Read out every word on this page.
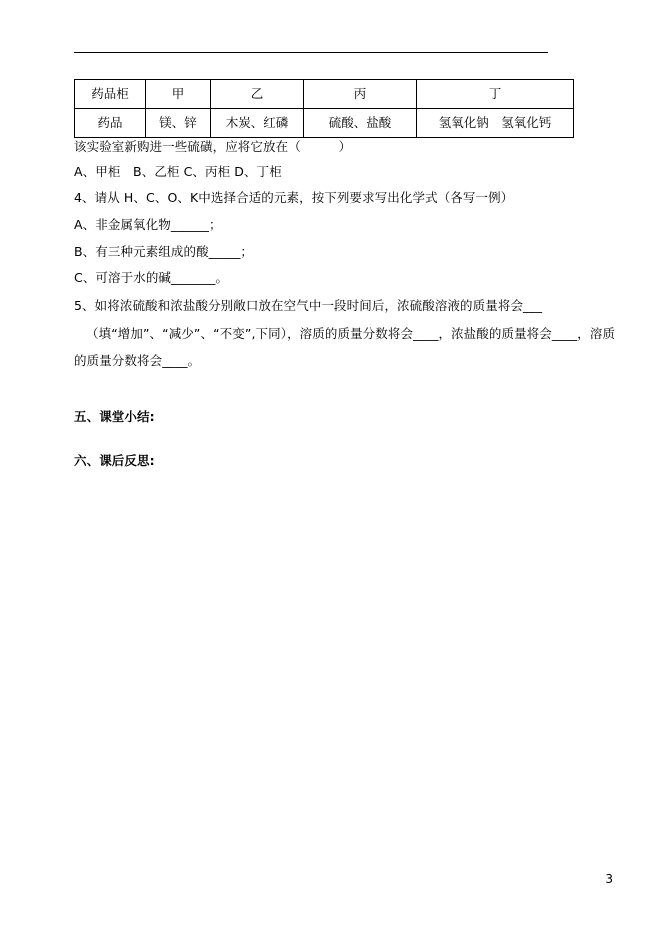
药品柜	甲	乙	丙	丁
药品	镁、锌	木炭、红磷	硫酸、盐酸	氢氧化钠　氢氧化钙
该实验室新购进一些硫磺，应将它放在（　　　）
A、甲柜　B、乙柜 C、丙柜 D、丁柜
4、请从 H、C、O、K中选择合适的元素，按下列要求写出化学式（各写一例）
A、非金属氧化物______；
B、有三种元素组成的酸_____；
C、可溶于水的碱_______。
5、如将浓硫酸和浓盐酸分别敞口放在空气中一段时间后，浓硫酸溶液的质量将会___
（填“增加”、“减少”、“不变”,下同），溶质的质量分数将会____，浓盐酸的质量将会____，溶质
的质量分数将会____。
五、课堂小结:
六、课后反思:
3
